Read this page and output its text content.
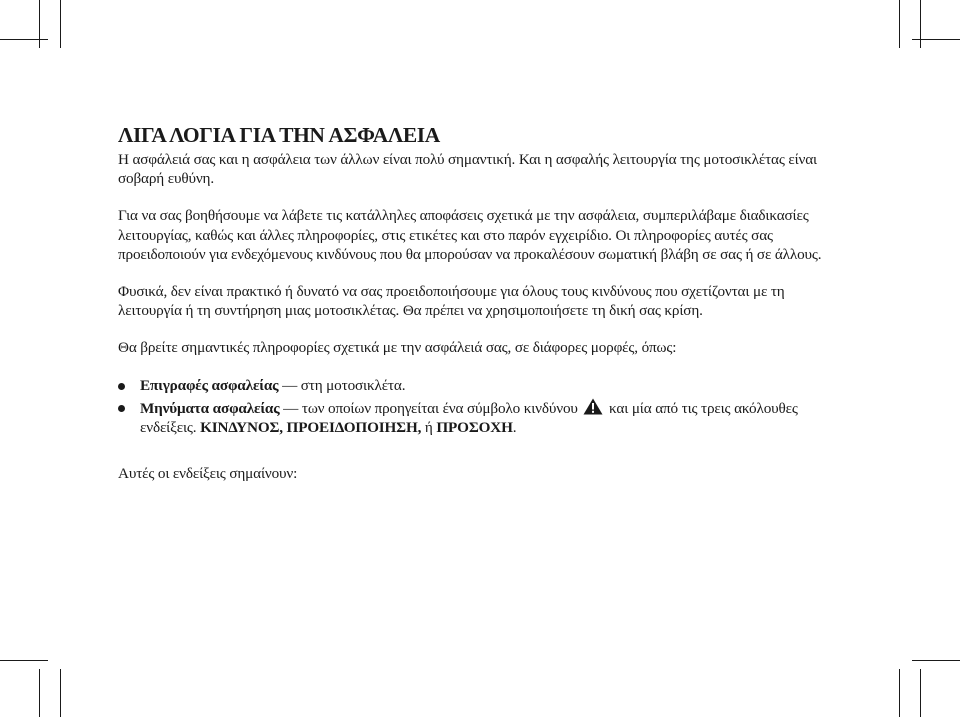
ΛΙΓΑ ΛΟΓΙΑ ΓΙΑ ΤΗΝ ΑΣΦΑΛΕΙΑ

Η ασφάλειά σας και η ασφάλεια των άλλων είναι πολύ σημαντική. Και η ασφαλής λειτουργία της μοτοσικλέτας είναι σοβαρή ευθύνη.

Για να σας βοηθήσουμε να λάβετε τις κατάλληλες αποφάσεις σχετικά με την ασφάλεια, συμπεριλάβαμε διαδικασίες λειτουργίας, καθώς και άλλες πληροφορίες, στις ετικέτες και στο παρόν εγχειρίδιο. Οι πληροφορίες αυτές σας προειδοποιούν για ενδεχόμενους κινδύνους που θα μπορούσαν να προκαλέσουν σωματική βλάβη σε σας ή σε άλλους.

Φυσικά, δεν είναι πρακτικό ή δυνατό να σας προειδοποιήσουμε για όλους τους κινδύνους που σχετίζονται με τη λειτουργία ή τη συντήρηση μιας μοτοσικλέτας. Θα πρέπει να χρησιμοποιήσετε τη δική σας κρίση.

Θα βρείτε σημαντικές πληροφορίες σχετικά με την ασφάλειά σας, σε διάφορες μορφές, όπως:

Επιγραφές ασφαλείας — στη μοτοσικλέτα.
Μηνύματα ασφαλείας — των οποίων προηγείται ένα σύμβολο κινδύνου  και μία από τις τρεις ακόλουθες ενδείξεις. ΚΙΝΔΥΝΟΣ, ΠΡΟΕΙΔΟΠΟΙΗΣΗ, ή ΠΡΟΣΟΧΗ.

Αυτές οι ενδείξεις σημαίνουν:
